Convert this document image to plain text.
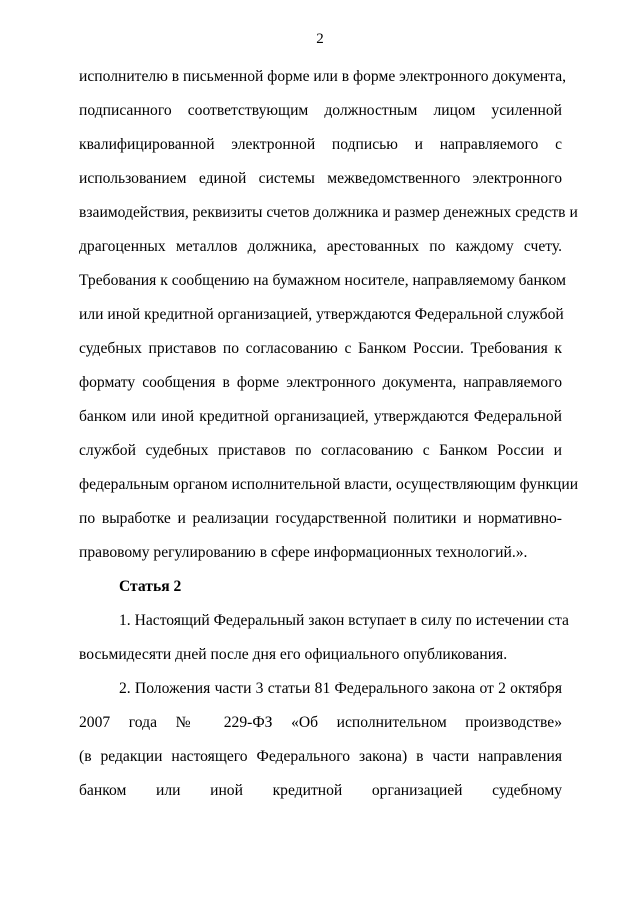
2
исполнителю в письменной форме или в форме электронного документа,
подписанного соответствующим должностным лицом усиленной
квалифицированной электронной подписью и направляемого с
использованием единой системы межведомственного электронного
взаимодействия, реквизиты счетов должника и размер денежных средств и
драгоценных металлов должника, арестованных по каждому счету.
Требования к сообщению на бумажном носителе, направляемому банком
или иной кредитной организацией, утверждаются Федеральной службой
судебных приставов по согласованию с Банком России. Требования к
формату сообщения в форме электронного документа, направляемого
банком или иной кредитной организацией, утверждаются Федеральной
службой судебных приставов по согласованию с Банком России и
федеральным органом исполнительной власти, осуществляющим функции
по выработке и реализации государственной политики и нормативно-
правовому регулированию в сфере информационных технологий.».
Статья 2
1. Настоящий Федеральный закон вступает в силу по истечении ста
восьмидесяти дней после дня его официального опубликования.
2. Положения части 3 статьи 81 Федерального закона от 2 октября
2007 года № 229-ФЗ «Об исполнительном производстве»
(в редакции настоящего Федерального закона) в части направления
банком или иной кредитной организацией судебному
